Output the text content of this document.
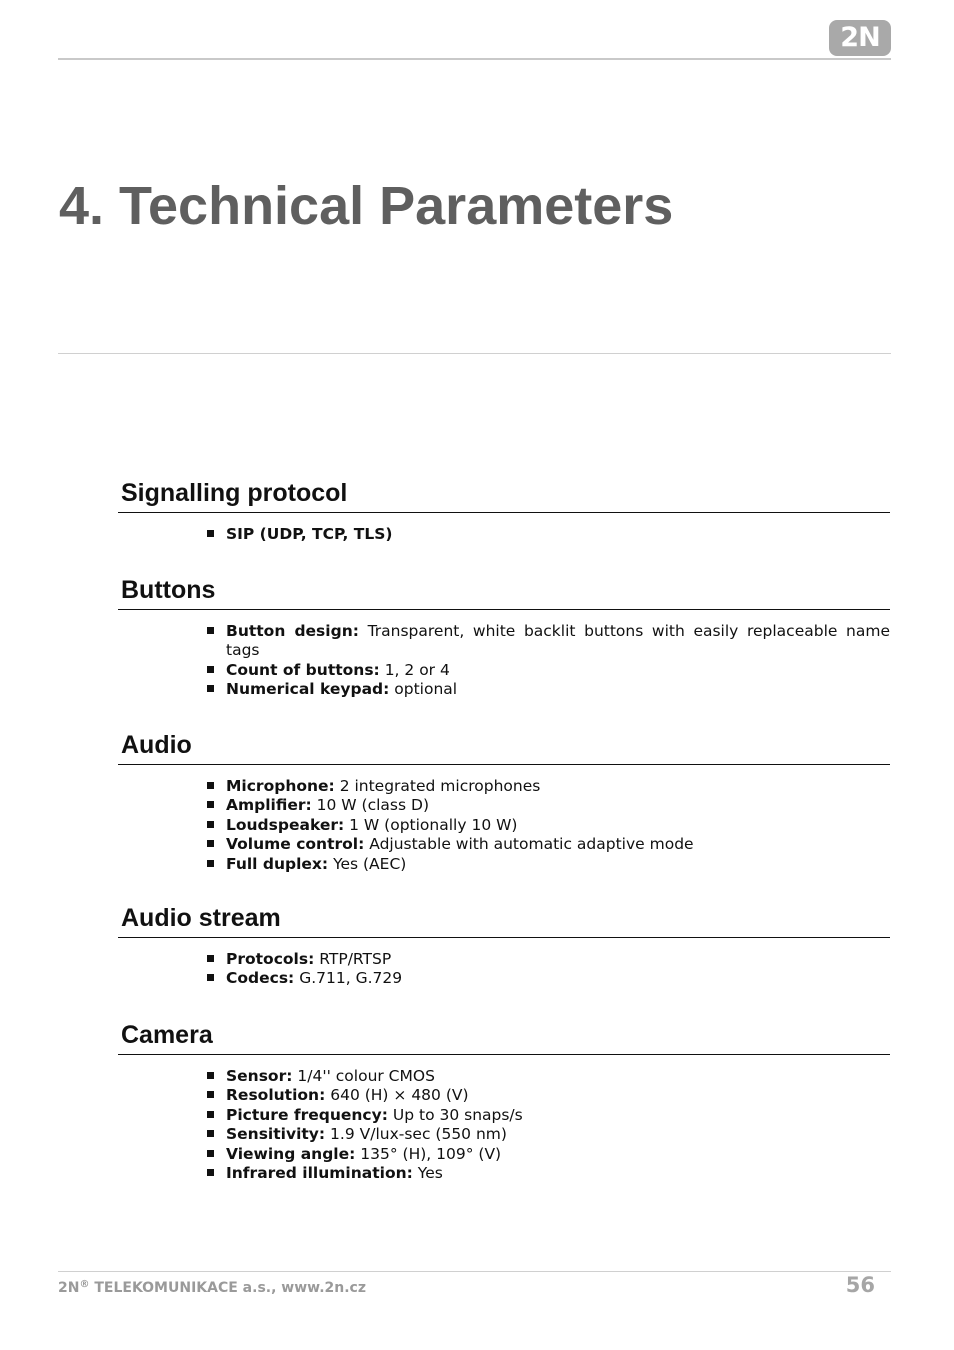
2N
4. Technical Parameters
Signalling protocol
SIP (UDP, TCP, TLS)
Buttons
Button design: Transparent, white backlit buttons with easily replaceable name tags
Count of buttons: 1, 2 or 4
Numerical keypad: optional
Audio
Microphone: 2 integrated microphones
Amplifier: 10 W (class D)
Loudspeaker: 1 W (optionally 10 W)
Volume control: Adjustable with automatic adaptive mode
Full duplex: Yes (AEC)
Audio stream
Protocols: RTP/RTSP
Codecs: G.711, G.729
Camera
Sensor: 1/4'' colour CMOS
Resolution: 640 (H) × 480 (V)
Picture frequency: Up to 30 snaps/s
Sensitivity: 1.9 V/lux-sec (550 nm)
Viewing angle: 135° (H), 109° (V)
Infrared illumination: Yes
2N® TELEKOMUNIKACE a.s., www.2n.cz	56
